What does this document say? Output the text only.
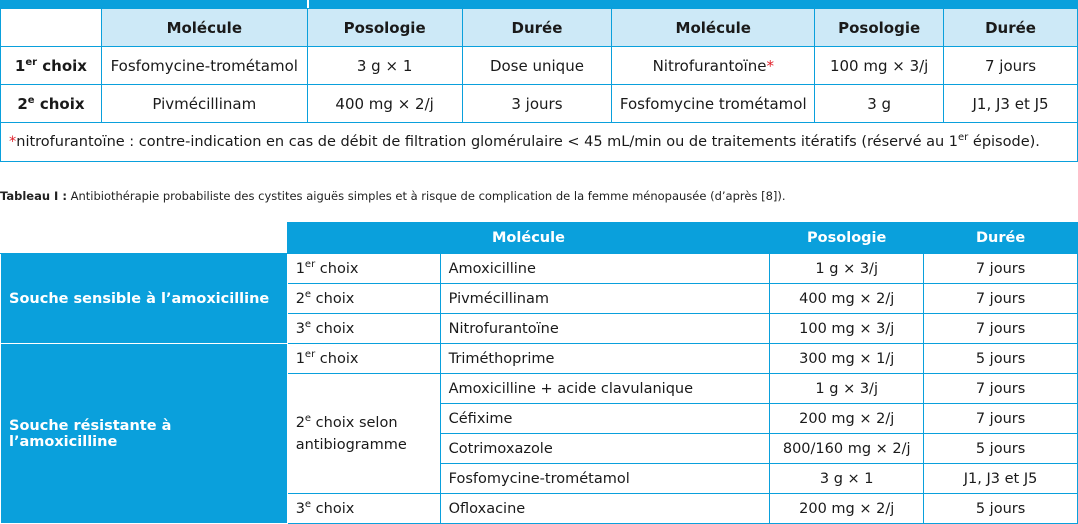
	Molécule	Posologie	Durée	Molécule	Posologie	Durée
1er choix	Fosfomycine-trométamol	3 g × 1	Dose unique	Nitrofurantoïne*	100 mg × 3/j	7 jours
2e choix	Pivmécillinam	400 mg × 2/j	3 jours	Fosfomycine trométamol	3 g	J1, J3 et J5
*nitrofurantoïne : contre-indication en cas de débit de filtration glomérulaire < 45 mL/min ou de traitements itératifs (réservé au 1er épisode).						
Tableau I : Antibiothérapie probabiliste des cystites aiguës simples et à risque de complication de la femme ménopausée (d’après [8]).
	Molécule		Posologie	Durée
Souche sensible à l’amoxicilline	1er choix	Amoxicilline	1 g × 3/j	7 jours
	2e choix	Pivmécillinam	400 mg × 2/j	7 jours
	3e choix	Nitrofurantoïne	100 mg × 3/j	7 jours
Souche résistante à l’amoxicilline	1er choix	Triméthoprime	300 mg × 1/j	5 jours
	2e choix selon antibiogramme	Amoxicilline + acide clavulanique	1 g × 3/j	7 jours
		Céfixime	200 mg × 2/j	7 jours
		Cotrimoxazole	800/160 mg × 2/j	5 jours
		Fosfomycine-trométamol	3 g × 1	J1, J3 et J5
	3e choix	Ofloxacine	200 mg × 2/j	5 jours
